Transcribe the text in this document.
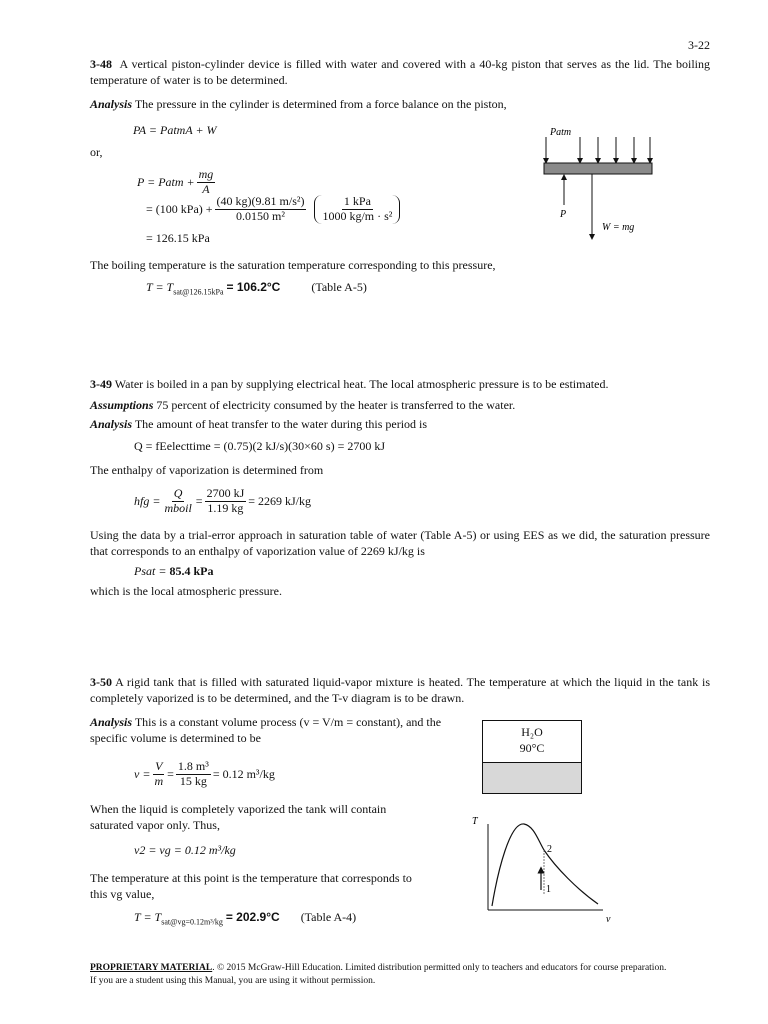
3-22
3-48 A vertical piston-cylinder device is filled with water and covered with a 40-kg piston that serves as the lid. The boiling temperature of water is to be determined.
Analysis The pressure in the cylinder is determined from a force balance on the piston,
PA = PatmA + W
or,
P = Patm + $\frac{mg}{A}$
= (100 $kPa) + \frac{\text{(40 kg)(9.81 m/s²)}}{\text{0.0150 m²}} \frac{\text{1 kPa}}{\text{1000 kg/m · s²}}$
= 126.15 kPa
The boiling temperature is the saturation temperature corresponding to this pressure,
$T = T_{sat@126.15kPa} = 106.2^\circ C$	(Table A-5)
Patm
P
W = mg
3-49 Water is boiled in a pan by supplying electrical heat. The local atmospheric pressure is to be estimated.
Assumptions 75 percent of electricity consumed by the heater is transferred to the water.
Analysis The amount of heat transfer to the water during this period is
Q = fEelecttime = (0.75)(2 kJ/s)(30×60 s) = 2700 kJ
The enthalpy of vaporization is determined from
hfg = $\frac{Q}{\text{mboil}} = \frac{2700 kJ}{1.19 kg} = 2269$ kJ/kg
Using the data by a trial-error approach in saturation table of water (Table A-5) or using EES as we did, the saturation pressure that corresponds to an enthalpy of vaporization value of 2269 kJ/kg is
Psat = 85.4 kPa
which is the local atmospheric pressure.
3-50 A rigid tank that is filled with saturated liquid-vapor mixture is heated. The temperature at which the liquid in the tank is completely vaporized is to be determined, and the T-v diagram is to be drawn.
Analysis This is a constant volume process (v = V/m = constant), and the specific volume is determined to be
$v = \frac{V}{m} = \frac{\text{1.8 m³}}{15 kg} = 0.12$ m³/kg
When the liquid is completely vaporized the tank will contain saturated vapor only. Thus,
v2 = vg = 0.12 m³/kg
The temperature at this point is the temperature that corresponds to this vg value,
$T = T_{sat@vg=0.12m^3/kg} = 202.9^\circ C$ (Table A-4)
H₂O
90°C
T
v
2
1
PROPRIETARY MATERIAL. © 2015 McGraw-Hill Education. Limited distribution permitted only to teachers and educators for course preparation.
If you are a student using this Manual, you are using it without permission.
